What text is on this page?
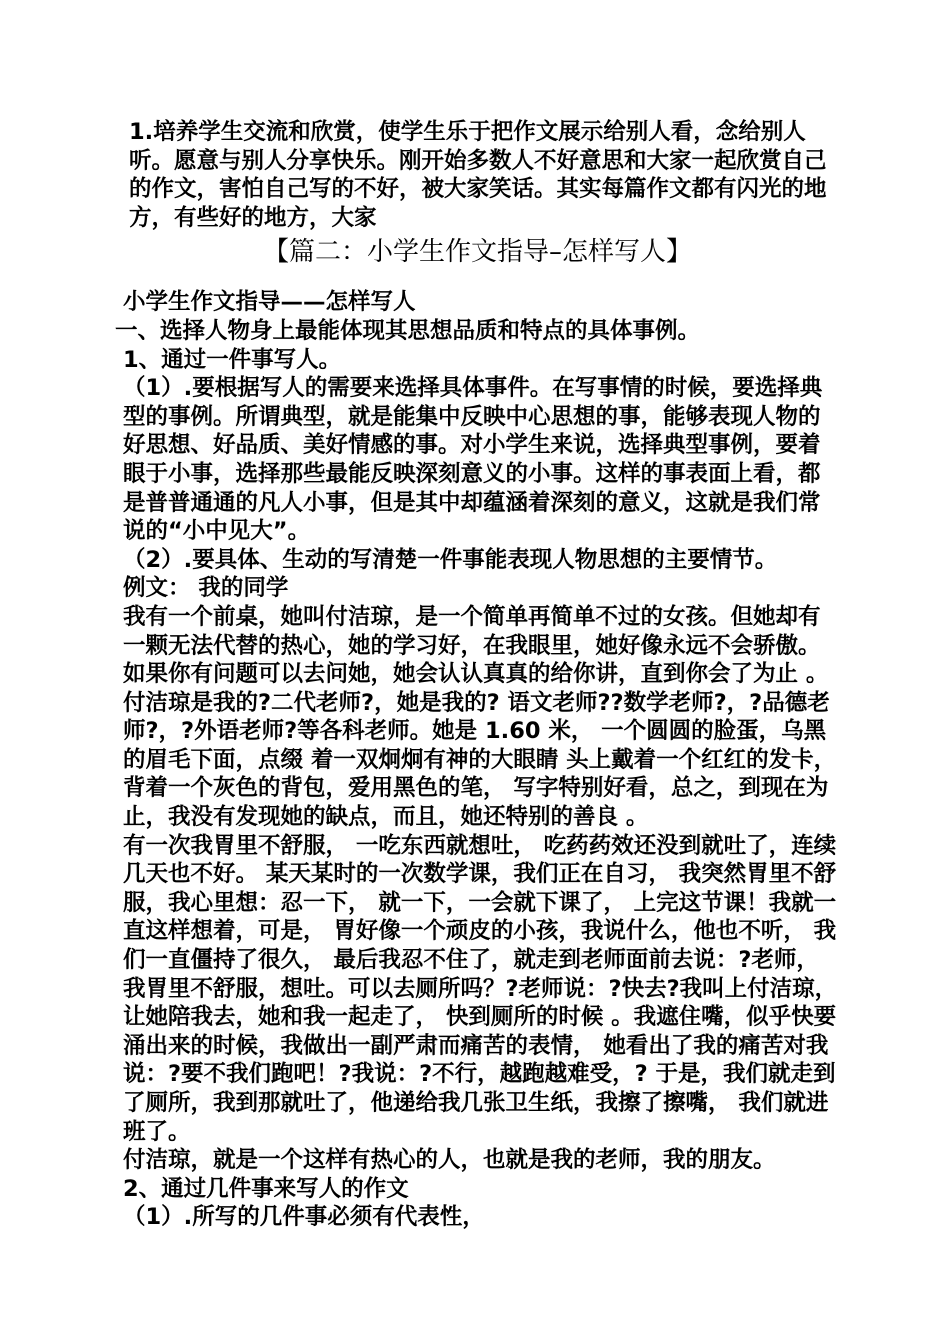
1.培养学生交流和欣赏，使学生乐于把作文展示给别人看，念给别人听。愿意与别人分享快乐。刚开始多数人不好意思和大家一起欣赏自己的作文，害怕自己写的不好，被大家笑话。其实每篇作文都有闪光的地方，有些好的地方，大家

【篇二：小学生作文指导–怎样写人】

小学生作文指导——怎样写人

一、选择人物身上最能体现其思想品质和特点的具体事例。

1、通过一件事写人。

（1）.要根据写人的需要来选择具体事件。在写事情的时候，要选择典型的事例。所谓典型，就是能集中反映中心思想的事，能够表现人物的好思想、好品质、美好情感的事。对小学生来说，选择典型事例，要着眼于小事，选择那些最能反映深刻意义的小事。这样的事表面上看，都是普普通通的凡人小事，但是其中却蕴涵着深刻的意义，这就是我们常说的“小中见大”。

（2）.要具体、生动的写清楚一件事能表现人物思想的主要情节。

例文： 我的同学

我有一个前桌，她叫付洁琼，是一个简单再简单不过的女孩。但她却有一颗无法代替的热心，她的学习好，在我眼里，她好像永远不会骄傲。如果你有问题可以去问她，她会认认真真的给你讲，直到你会了为止 。

付洁琼是我的?二代老师?，她是我的? 语文老师??数学老师?，?品德老师?，?外语老师?等各科老师。她是 1.60 米， 一个圆圆的脸蛋，乌黑的眉毛下面，点缀 着一双炯炯有神的大眼睛 头上戴着一个红红的发卡， 背着一个灰色的背包，爱用黑色的笔， 写字特别好看，总之，到现在为止，我没有发现她的缺点，而且，她还特别的善良 。

有一次我胃里不舒服， 一吃东西就想吐， 吃药药效还没到就吐了，连续几天也不好。 某天某时的一次数学课，我们正在自习， 我突然胃里不舒服，我心里想：忍一下， 就一下，一会就下课了， 上完这节课！我就一直这样想着，可是， 胃好像一个顽皮的小孩，我说什么，他也不听， 我们一直僵持了很久， 最后我忍不住了，就走到老师面前去说：?老师，我胃里不舒服，想吐。可以去厕所吗？?老师说：?快去?我叫上付洁琼，让她陪我去，她和我一起走了， 快到厕所的时候 。我遮住嘴，似乎快要涌出来的时候，我做出一副严肃而痛苦的表情， 她看出了我的痛苦对我说：?要不我们跑吧！?我说：?不行，越跑越难受，? 于是，我们就走到了厕所，我到那就吐了，他递给我几张卫生纸，我擦了擦嘴， 我们就进班了。

付洁琼，就是一个这样有热心的人，也就是我的老师，我的朋友。

2、通过几件事来写人的作文

（1）.所写的几件事必须有代表性，
